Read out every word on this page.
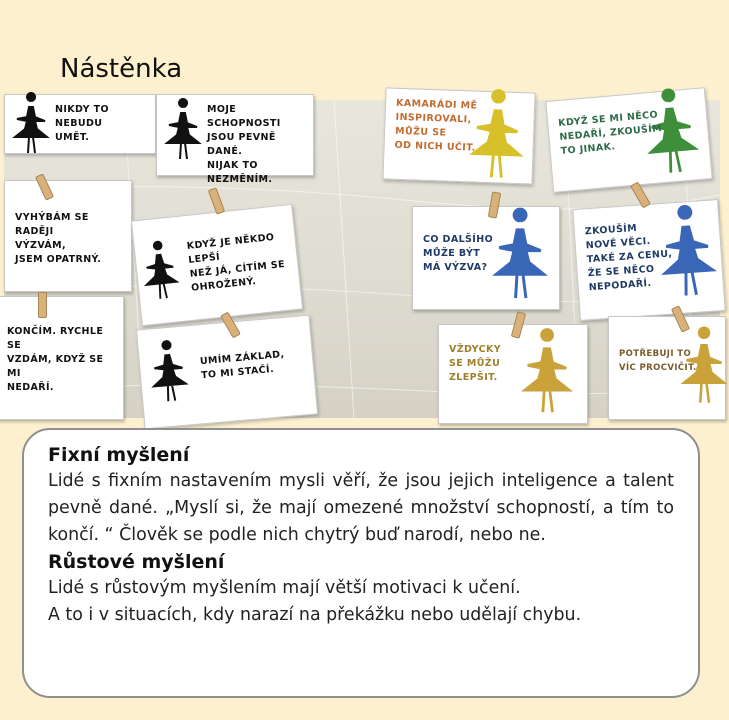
Nástěnka
NIKDY TO NEBUDU
UMĚT.
MOJE SCHOPNOSTI
JSOU PEVNĚ DANÉ.
NIJAK TO NEZMĚNÍM.
KAMARÁDI MĚ
INSPIROVALI,
MŮŽU SE
OD NICH UČIT.
KDYŽ SE MI NĚCO
NEDAŘÍ, ZKOUŠÍM
TO JINAK.
VYHÝBÁM SE RADĚJI
VÝZVÁM,
JSEM OPATRNÝ.
KDYŽ JE NĚKDO LEPŠÍ
NEŽ JÁ, CÍTÍM SE
OHROŽENÝ.
CO DALŠÍHO
MŮŽE BÝT
MÁ VÝZVA?
ZKOUŠÍM
NOVÉ VĚCI.
TAKÉ ZA CENU,
ŽE SE NĚCO
NEPODAŘÍ.
KONČÍM. RYCHLE SE
VZDÁM, KDYŽ SE MI
NEDAŘÍ.
UMÍM ZÁKLAD,
TO MI STAČÍ.
VŽDYCKY
SE MŮŽU
ZLEPŠIT.
POTŘEBUJI TO
VÍC PROCVIČIT.
Fixní myšlení

Lidé s fixním nastavením mysli věří, že jsou jejich inteligence a talent pevně dané. „Myslí si, že mají omezené množství schopností, a tím to končí. “ Člověk se podle nich chytrý buď narodí, nebo ne.

Růstové myšlení

Lidé s růstovým myšlením mají větší motivaci k učení.

A to i v situacích, kdy narazí na překážku nebo udělají chybu.
